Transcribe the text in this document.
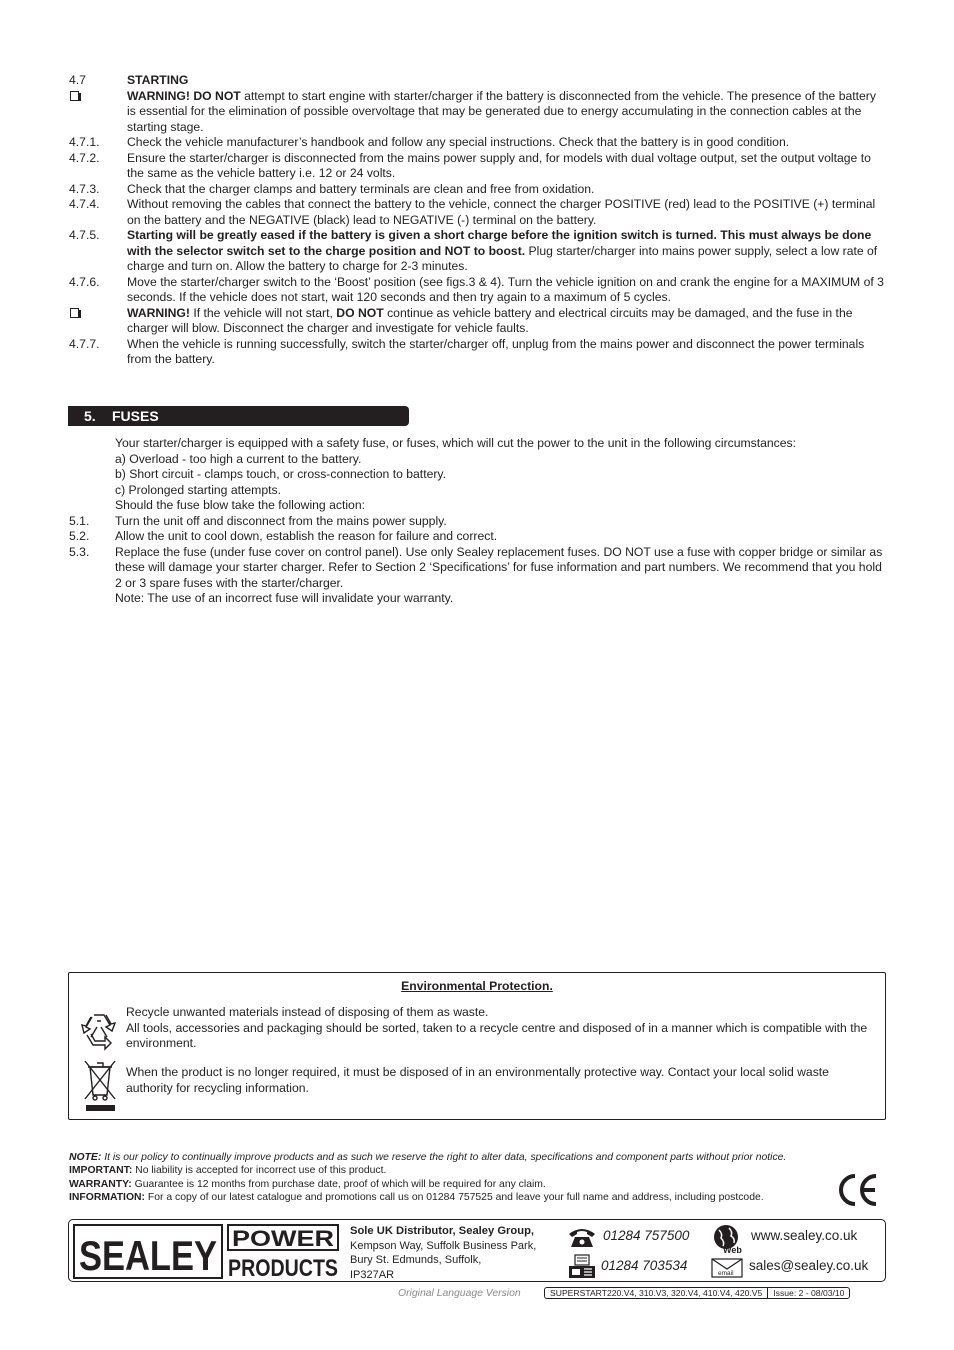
4.7	STARTING
WARNING! DO NOT attempt to start engine with starter/charger if the battery is disconnected from the vehicle. The presence of the battery is essential for the elimination of possible overvoltage that may be generated due to energy accumulating in the connection cables at the starting stage.
4.7.1.	Check the vehicle manufacturer’s handbook and follow any special instructions. Check that the battery is in good condition.
4.7.2.	Ensure the starter/charger is disconnected from the mains power supply and, for models with dual voltage output, set the output voltage to the same as the vehicle battery i.e. 12 or 24 volts.
4.7.3.	Check that the charger clamps and battery terminals are clean and free from oxidation.
4.7.4.	Without removing the cables that connect the battery to the vehicle, connect the charger POSITIVE (red) lead to the POSITIVE (+) terminal on the battery and the NEGATIVE (black) lead to NEGATIVE (-) terminal on the battery.
4.7.5.	Starting will be greatly eased if the battery is given a short charge before the ignition switch is turned. This must always be done with the selector switch set to the charge position and NOT to boost. Plug starter/charger into mains power supply, select a low rate of charge and turn on. Allow the battery to charge for 2-3 minutes.
4.7.6.	Move the starter/charger switch to the ‘Boost’ position (see figs.3 & 4). Turn the vehicle ignition on and crank the engine for a MAXIMUM of 3 seconds. If the vehicle does not start, wait 120 seconds and then try again to a maximum of 5 cycles.
WARNING! If the vehicle will not start, DO NOT continue as vehicle battery and electrical circuits may be damaged, and the fuse in the charger will blow. Disconnect the charger and investigate for vehicle faults.
4.7.7.	When the vehicle is running successfully, switch the starter/charger off, unplug from the mains power and disconnect the power terminals from the battery.
5. FUSES
Your starter/charger is equipped with a safety fuse, or fuses, which will cut the power to the unit in the following circumstances:
a) Overload - too high a current to the battery.
b) Short circuit - clamps touch, or cross-connection to battery.
c) Prolonged starting attempts.
Should the fuse blow take the following action:
5.1.	Turn the unit off and disconnect from the mains power supply.
5.2.	Allow the unit to cool down, establish the reason for failure and correct.
5.3.	Replace the fuse (under fuse cover on control panel). Use only Sealey replacement fuses. DO NOT use a fuse with copper bridge or similar as these will damage your starter charger. Refer to Section 2 ‘Specifications’ for fuse information and part numbers. We recommend that you hold 2 or 3 spare fuses with the starter/charger.
Note: The use of an incorrect fuse will invalidate your warranty.
Environmental Protection.
Recycle unwanted materials instead of disposing of them as waste.
All tools, accessories and packaging should be sorted, taken to a recycle centre and disposed of in a manner which is compatible with the environment.
When the product is no longer required, it must be disposed of in an environmentally protective way. Contact your local solid waste authority for recycling information.
NOTE: It is our policy to continually improve products and as such we reserve the right to alter data, specifications and component parts without prior notice.
IMPORTANT: No liability is accepted for incorrect use of this product.
WARRANTY: Guarantee is 12 months from purchase date, proof of which will be required for any claim.
INFORMATION: For a copy of our latest catalogue and promotions call us on 01284 757525 and leave your full name and address, including postcode.
SEALEY POWER
PRODUCTS
Sole UK Distributor, Sealey Group,
Kempson Way, Suffolk Business Park,
Bury St. Edmunds, Suffolk,
IP327AR
01284 757500
01284 703534
Web
www.sealey.co.uk
email
sales@sealey.co.uk
Original Language Version	SUPERSTART220.V4, 310.V3, 320.V4, 410.V4, 420.V5	Issue: 2 - 08/03/10
